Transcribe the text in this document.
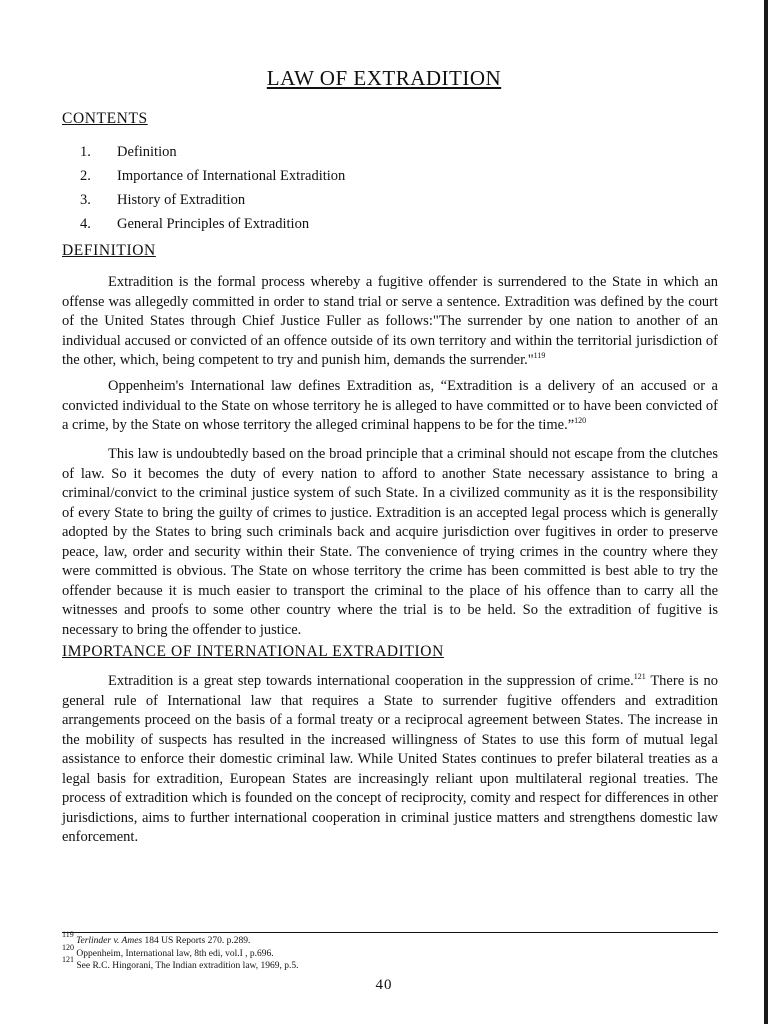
LAW OF EXTRADITION
CONTENTS
1. Definition
2. Importance of International Extradition
3. History of Extradition
4. General Principles of Extradition
DEFINITION

Extradition is the formal process whereby a fugitive offender is surrendered to the State in which an offense was allegedly committed in order to stand trial or serve a sentence. Extradition was defined by the court of the United States through Chief Justice Fuller as follows:"The surrender by one nation to another of an individual accused or convicted of an offence outside of its own territory and within the territorial jurisdiction of the other, which, being competent to try and punish him, demands the surrender."$^{119}$

Oppenheim's International law defines Extradition as, “Extradition is a delivery of an accused or a convicted individual to the State on whose territory he is alleged to have committed or to have been convicted of a crime, by the State on whose territory the alleged criminal happens to be for the time.”$^{120}$

This law is undoubtedly based on the broad principle that a criminal should not escape from the clutches of law. So it becomes the duty of every nation to afford to another State necessary assistance to bring a criminal/convict to the criminal justice system of such State. In a civilized community as it is the responsibility of every State to bring the guilty of crimes to justice. Extradition is an accepted legal process which is generally adopted by the States to bring such criminals back and acquire jurisdiction over fugitives in order to preserve peace, law, order and security within their State. The convenience of trying crimes in the country where they were committed is obvious. The State on whose territory the crime has been committed is best able to try the offender because it is much easier to transport the criminal to the place of his offence than to carry all the witnesses and proofs to some other country where the trial is to be held. So the extradition of fugitive is necessary to bring the offender to justice.

IMPORTANCE OF INTERNATIONAL EXTRADITION

Extradition is a great step towards international cooperation in the suppression of crime.$^{121}$ There is no general rule of International law that requires a State to surrender fugitive offenders and extradition arrangements proceed on the basis of a formal treaty or a reciprocal agreement between States. The increase in the mobility of suspects has resulted in the increased willingness of States to use this form of mutual legal assistance to enforce their domestic criminal law. While United States continues to prefer bilateral treaties as a legal basis for extradition, European States are increasingly reliant upon multilateral regional treaties. The process of extradition which is founded on the concept of reciprocity, comity and respect for differences in other jurisdictions, aims to further international cooperation in criminal justice matters and strengthens domestic law enforcement.

$^{119}$ Terlinder v. Ames 184 US Reports 270. p.289.
$^{120}$ Oppenheim, International law, 8th edi, vol.I , p.696.
$^{121}$ See R.C. Hingorani, The Indian extradition law, 1969, p.5.
40
